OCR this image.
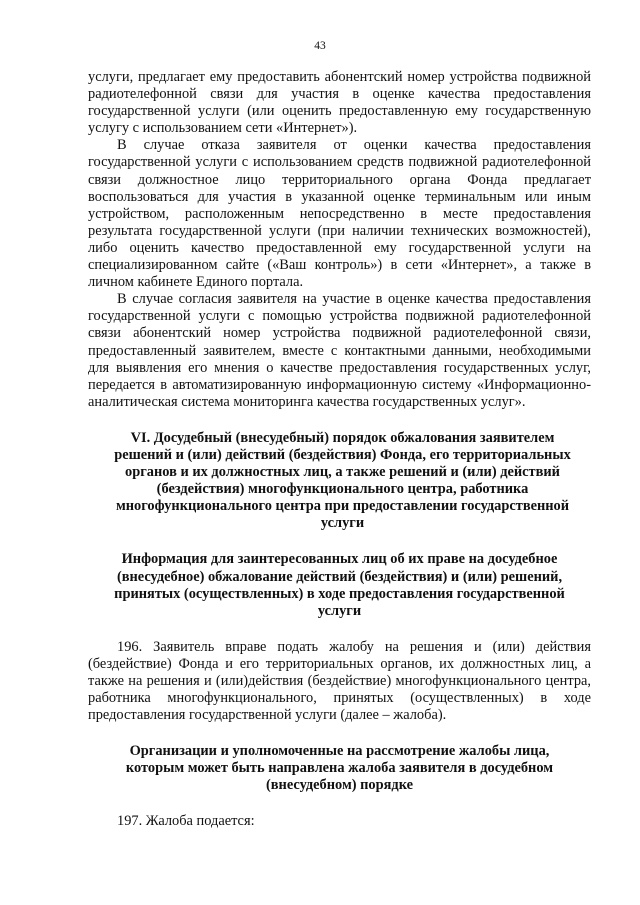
43

услуги, предлагает ему предоставить абонентский номер устройства подвижной радиотелефонной связи для участия в оценке качества предоставления государственной услуги (или оценить предоставленную ему государственную услугу с использованием сети «Интернет»).

В случае отказа заявителя от оценки качества предоставления государственной услуги с использованием средств подвижной радиотелефонной связи должностное лицо территориального органа Фонда предлагает воспользоваться для участия в указанной оценке терминальным или иным устройством, расположенным непосредственно в месте предоставления результата государственной услуги (при наличии технических возможностей), либо оценить качество предоставленной ему государственной услуги на специализированном сайте («Ваш контроль») в сети «Интернет», а также в личном кабинете Единого портала.

В случае согласия заявителя на участие в оценке качества предоставления государственной услуги с помощью устройства подвижной радиотелефонной связи абонентский номер устройства подвижной радиотелефонной связи, предоставленный заявителем, вместе с контактными данными, необходимыми для выявления его мнения о качестве предоставления государственных услуг, передается в автоматизированную информационную систему «Информационно-аналитическая система мониторинга качества государственных услуг».

VI. Досудебный (внесудебный) порядок обжалования заявителем решений и (или) действий (бездействия) Фонда, его территориальных органов и их должностных лиц, а также решений и (или) действий (бездействия) многофункционального центра, работника многофункционального центра при предоставлении государственной услуги
Информация для заинтересованных лиц об их праве на досудебное (внесудебное) обжалование действий (бездействия) и (или) решений, принятых (осуществленных) в ходе предоставления государственной услуги

196. Заявитель вправе подать жалобу на решения и (или) действия (бездействие) Фонда и его территориальных органов, их должностных лиц, а также на решения и (или)действия (бездействие) многофункционального центра, работника многофункционального, принятых (осуществленных) в ходе предоставления государственной услуги (далее – жалоба).

Организации и уполномоченные на рассмотрение жалобы лица, которым может быть направлена жалоба заявителя в досудебном (внесудебном) порядке

197. Жалоба подается:
